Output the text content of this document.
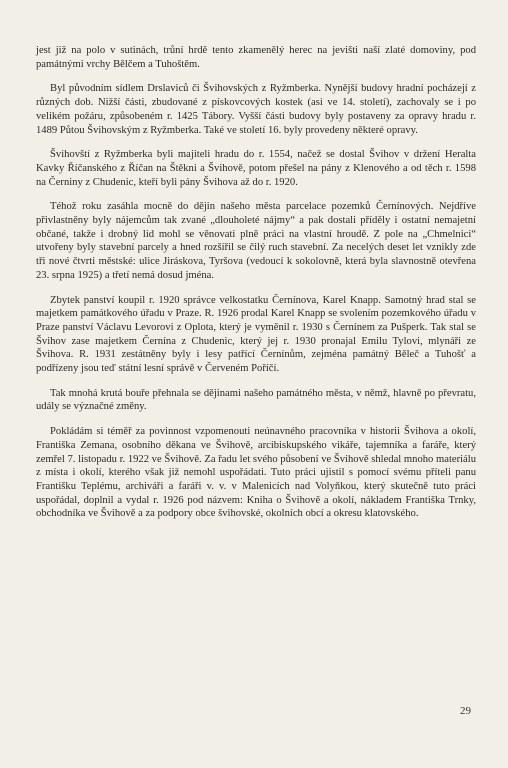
jest již na polo v sutinách, trůní hrdě tento zkamenělý herec na jevišti naší zlaté domoviny, pod památnými vrchy Bělčem a Tuhoštěm.

Byl původním sídlem Drslaviců či Švihovských z Ryžmberka. Nynější budovy hradní pocházejí z různých dob. Nižší části, zbudované z pískovcových kostek (asi ve 14. století), zachovaly se i po velikém požáru, způsobeném r. 1425 Tábory. Vyšší části budovy byly postaveny za opravy hradu r. 1489 Půtou Švihovským z Ryžmberka. Také ve století 16. byly provedeny některé opravy.

Švihovští z Ryžmberka byli majiteli hradu do r. 1554, načež se dostal Švihov v držení Heralta Kavky Říčanského z Říčan na Štěkni a Švihově, potom přešel na pány z Klenového a od těch r. 1598 na Černiny z Chudenic, kteří byli pány Švihova až do r. 1920.

Téhož roku zasáhla mocně do dějin našeho města parcelace pozemků Černínových. Nejdříve přivlastněny byly nájemcům tak zvané „dlouholeté nájmy“ a pak dostali příděly i ostatní nemajetní občané, takže i drobný lid mohl se věnovati plně práci na vlastní hroudě. Z pole na „Chmelnici“ utvořeny byly stavební parcely a hned rozšířil se čilý ruch stavební. Za necelých deset let vznikly zde tři nové čtvrti městské: ulice Jiráskova, Tyršova (vedoucí k sokolovně, která byla slavnostně otevřena 23. srpna 1925) a třetí nemá dosud jména.

Zbytek panství koupil r. 1920 správce velkostatku Černínova, Karel Knapp. Samotný hrad stal se majetkem památkového úřadu v Praze. R. 1926 prodal Karel Knapp se svolením pozemkového úřadu v Praze panství Václavu Levorovi z Oplota, který je vyměnil r. 1930 s Černínem za Pušperk. Tak stal se Švihov zase majetkem Černína z Chudenic, který jej r. 1930 pronajal Emilu Tylovi, mlynáři ze Švihova. R. 1931 zestátněny byly i lesy patřící Černínům, zejména památný Běleč a Tuhošť a podřízeny jsou teď státní lesní správě v Červeném Poříčí.

Tak mnohá krutá bouře přehnala se dějinami našeho památného města, v němž, hlavně po převratu, udály se význačné změny.

Pokládám si téměř za povinnost vzpomenouti neúnavného pracovníka v historii Švihova a okolí, Františka Zemana, osobního děkana ve Švihově, arcibiskupského vikáře, tajemníka a faráře, který zemřel 7. listopadu r. 1922 ve Švihově. Za řadu let svého působení ve Švihově shledal mnoho materiálu z místa i okolí, kterého však již nemohl uspořádati. Tuto práci ujistil s pomocí svému příteli panu Františku Teplému, archiváři a faráři v. v. v Malenicích nad Volyňkou, který skutečně tuto práci uspořádal, doplnil a vydal r. 1926 pod názvem: Kniha o Švihově a okolí, nákladem Františka Trnky, obchodníka ve Švihově a za podpory obce švihovské, okolních obcí a okresu klatovského.

29
